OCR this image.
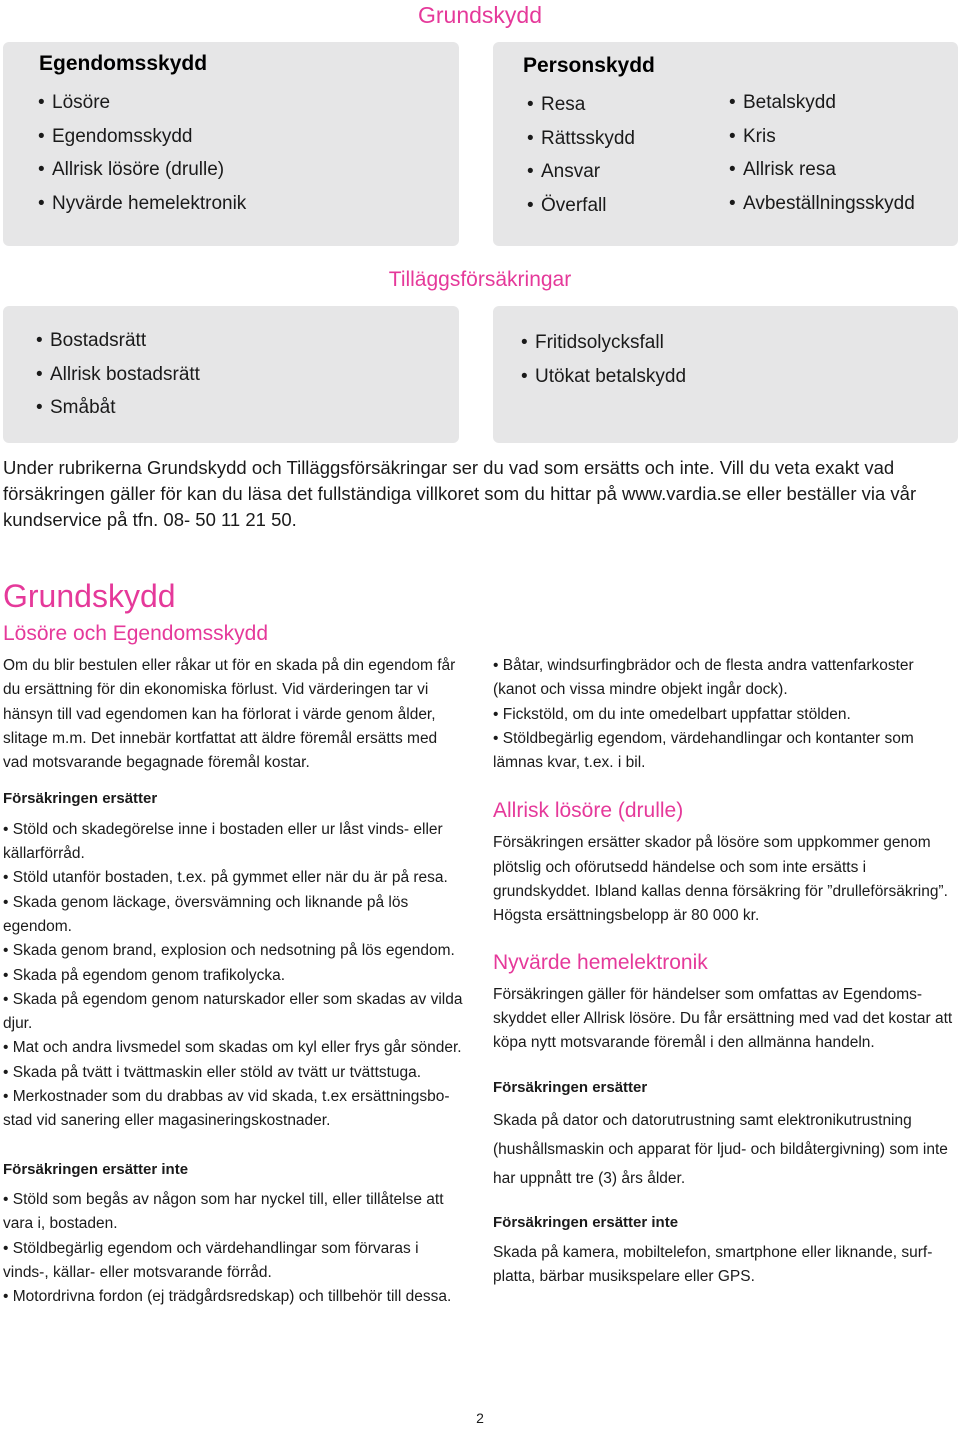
Grundskydd
Egendomsskydd
• Lösöre
• Egendomsskydd
• Allrisk lösöre (drulle)
• Nyvärde hemelektronik
Personskydd
• Resa
• Rättsskydd
• Ansvar
• Överfall
• Betalskydd
• Kris
• Allrisk resa
• Avbeställningsskydd
Tilläggsförsäkringar
• Bostadsrätt
• Allrisk bostadsrätt
• Småbåt
• Fritidsolycksfall
• Utökat betalskydd

Under rubrikerna Grundskydd och Tilläggsförsäkringar ser du vad som ersätts och inte. Vill du veta exakt vad försäkringen gäller för kan du läsa det fullständiga villkoret som du hittar på www.vardia.se eller beställer via vår kundservice på tfn. 08- 50 11 21 50.

Grundskydd
Lösöre och Egendomsskydd

Om du blir bestulen eller råkar ut för en skada på din egendom får du ersättning för din ekonomiska förlust. Vid värderingen tar vi hänsyn till vad egendomen kan ha förlorat i värde genom ålder, slitage m.m. Det innebär kortfattat att äldre föremål ersätts med vad motsvarande begagnade föremål kostar.

Försäkringen ersätter

• Stöld och skadegörelse inne i bostaden eller ur låst vinds- eller källarförråd.
• Stöld utanför bostaden, t.ex. på gymmet eller när du är på resa.
• Skada genom läckage, översvämning och liknande på lös egendom.
• Skada genom brand, explosion och nedsotning på lös egendom.
• Skada på egendom genom trafikolycka.
• Skada på egendom genom naturskador eller som skadas av vilda djur.
• Mat och andra livsmedel som skadas om kyl eller frys går sönder.
• Skada på tvätt i tvättmaskin eller stöld av tvätt ur tvättstuga.
• Merkostnader som du drabbas av vid skada, t.ex ersättningsbostad vid sanering eller magasineringskostnader.

Försäkringen ersätter inte

• Stöld som begås av någon som har nyckel till, eller tillåtelse att vara i, bostaden.
• Stöldbegärlig egendom och värdehandlingar som förvaras i vinds-, källar- eller motsvarande förråd.
• Motordrivna fordon (ej trädgårdsredskap) och tillbehör till dessa.
• Båtar, windsurfingbrädor och de flesta andra vattenfarkoster (kanot och vissa mindre objekt ingår dock).
• Fickstöld, om du inte omedelbart uppfattar stölden.
• Stöldbegärlig egendom, värdehandlingar och kontanter som lämnas kvar, t.ex. i bil.
Allrisk lösöre (drulle)

Försäkringen ersätter skador på lösöre som uppkommer genom plötslig och oförutsedd händelse och som inte ersätts i grundskyddet. Ibland kallas denna försäkring för ”drulleförsäkring”. Högsta ersättningsbelopp är 80 000 kr.

Nyvärde hemelektronik

Försäkringen gäller för händelser som omfattas av Egendomsskyddet eller Allrisk lösöre. Du får ersättning med vad det kostar att köpa nytt motsvarande föremål i den allmänna handeln.

Försäkringen ersätter

Skada på dator och datorutrustning samt elektronikutrustning (hushållsmaskin och apparat för ljud- och bildåtergivning) som inte har uppnått tre (3) års ålder.

Försäkringen ersätter inte

Skada på kamera, mobiltelefon, smartphone eller liknande, surfplatta, bärbar musikspelare eller GPS.

2
